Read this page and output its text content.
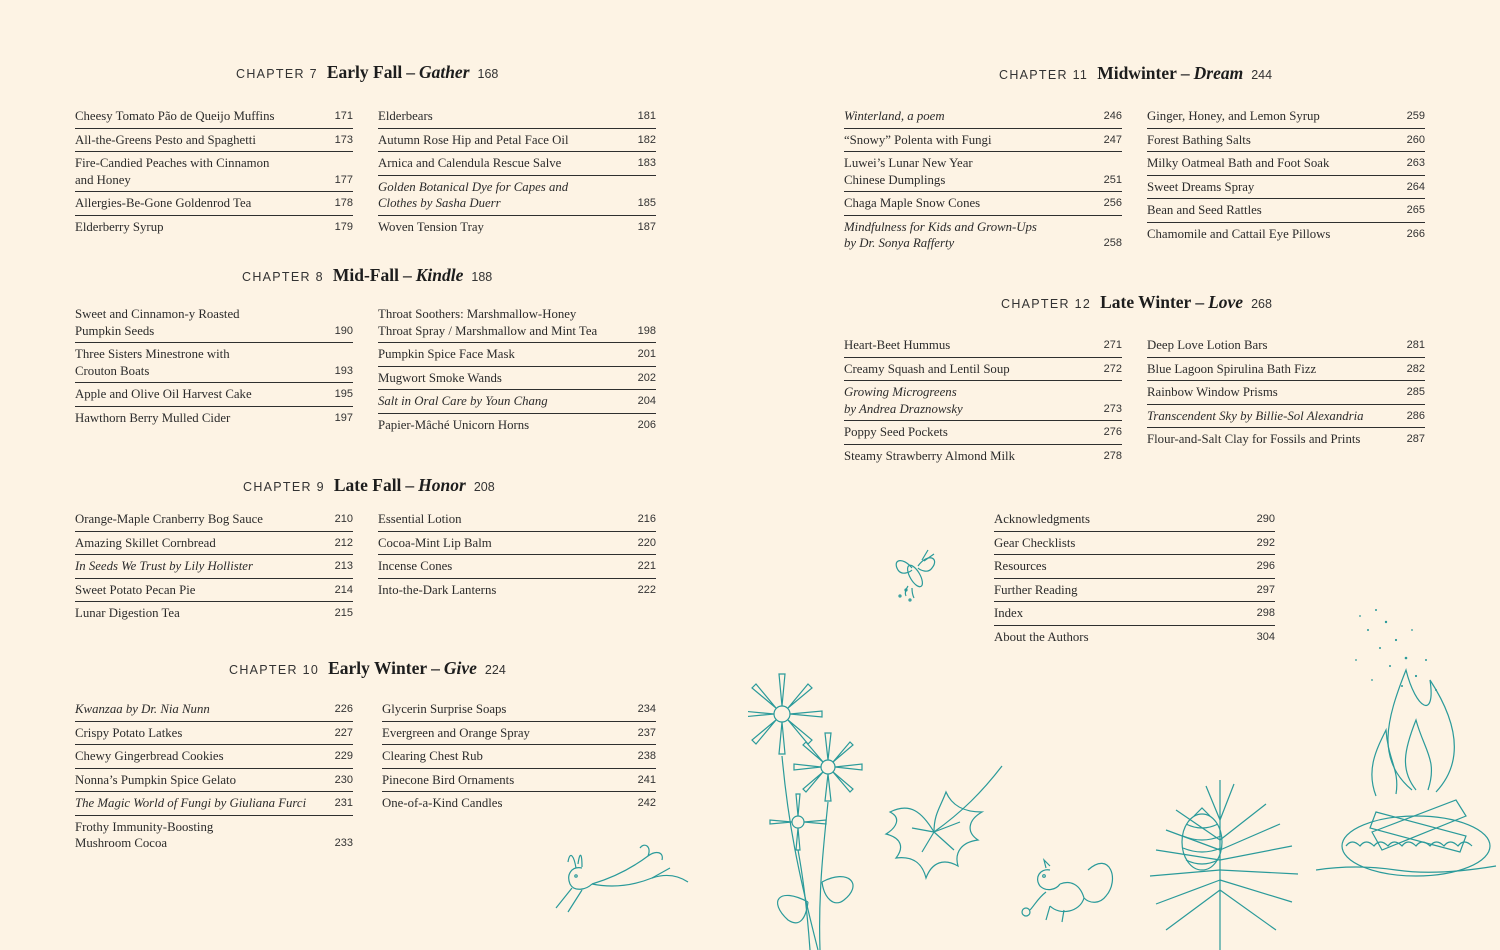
CHAPTER 7 Early Fall – Gather 168
Cheesy Tomato Pão de Queijo Muffins	171
All-the-Greens Pesto and Spaghetti	173
Fire-Candied Peaches with Cinnamon
and Honey	177
Allergies-Be-Gone Goldenrod Tea	178
Elderberry Syrup	179
Elderbears	181
Autumn Rose Hip and Petal Face Oil	182
Arnica and Calendula Rescue Salve	183
Golden Botanical Dye for Capes and
Clothes by Sasha Duerr	185
Woven Tension Tray	187
CHAPTER 8 Mid-Fall – Kindle 188
Sweet and Cinnamon-y Roasted
Pumpkin Seeds	190
Three Sisters Minestrone with
Crouton Boats	193
Apple and Olive Oil Harvest Cake	195
Hawthorn Berry Mulled Cider	197
Throat Soothers: Marshmallow-Honey
Throat Spray / Marshmallow and Mint Tea	198
Pumpkin Spice Face Mask	201
Mugwort Smoke Wands	202
Salt in Oral Care by Youn Chang	204
Papier-Mâché Unicorn Horns	206
CHAPTER 9 Late Fall – Honor 208
Orange-Maple Cranberry Bog Sauce	210
Amazing Skillet Cornbread	212
In Seeds We Trust by Lily Hollister	213
Sweet Potato Pecan Pie	214
Lunar Digestion Tea	215
Essential Lotion	216
Cocoa-Mint Lip Balm	220
Incense Cones	221
Into-the-Dark Lanterns	222
CHAPTER 10 Early Winter – Give 224
Kwanzaa by Dr. Nia Nunn	226
Crispy Potato Latkes	227
Chewy Gingerbread Cookies	229
Nonna’s Pumpkin Spice Gelato	230
The Magic World of Fungi by Giuliana Furci	231
Frothy Immunity-Boosting
Mushroom Cocoa	233
Glycerin Surprise Soaps	234
Evergreen and Orange Spray	237
Clearing Chest Rub	238
Pinecone Bird Ornaments	241
One-of-a-Kind Candles	242
CHAPTER 11 Midwinter – Dream 244
Winterland, a poem	246
“Snowy” Polenta with Fungi	247
Luwei’s Lunar New Year
Chinese Dumplings	251
Chaga Maple Snow Cones	256
Mindfulness for Kids and Grown-Ups
by Dr. Sonya Rafferty	258
Ginger, Honey, and Lemon Syrup	259
Forest Bathing Salts	260
Milky Oatmeal Bath and Foot Soak	263
Sweet Dreams Spray	264
Bean and Seed Rattles	265
Chamomile and Cattail Eye Pillows	266
CHAPTER 12 Late Winter – Love 268
Heart-Beet Hummus	271
Creamy Squash and Lentil Soup	272
Growing Microgreens
by Andrea Draznowsky	273
Poppy Seed Pockets	276
Steamy Strawberry Almond Milk	278
Deep Love Lotion Bars	281
Blue Lagoon Spirulina Bath Fizz	282
Rainbow Window Prisms	285
Transcendent Sky by Billie-Sol Alexandria	286
Flour-and-Salt Clay for Fossils and Prints	287
Acknowledgments	290
Gear Checklists	292
Resources	296
Further Reading	297
Index	298
About the Authors	304
